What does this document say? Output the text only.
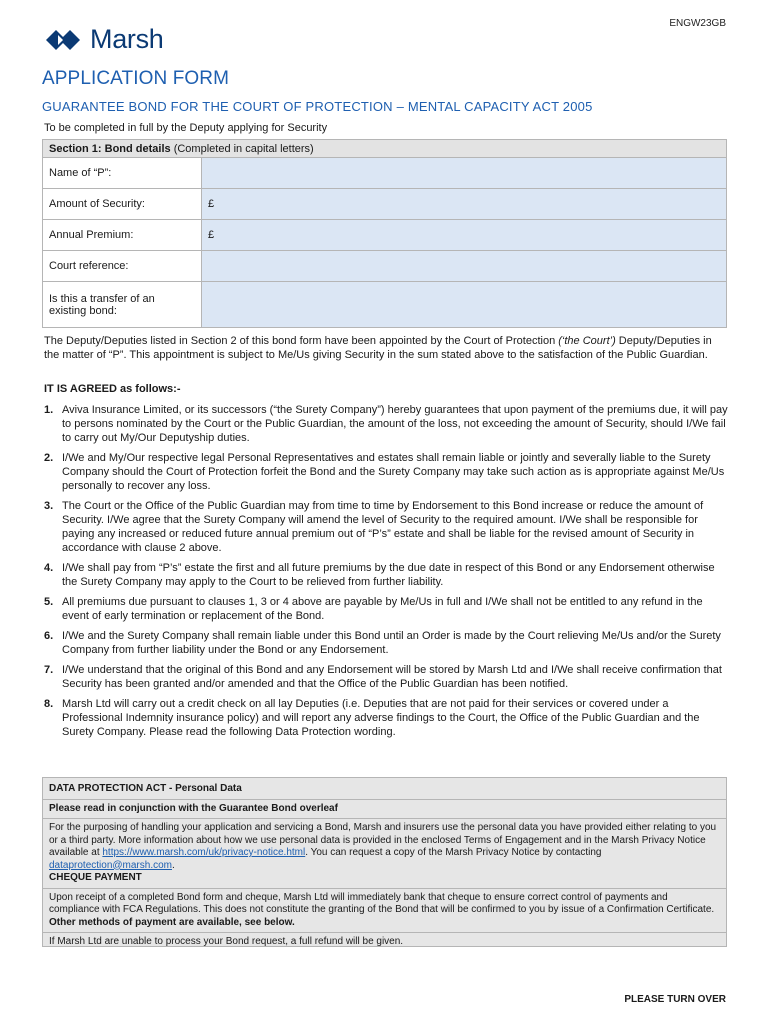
Marsh
ENGW23GB
APPLICATION FORM
GUARANTEE BOND FOR THE COURT OF PROTECTION – MENTAL CAPACITY ACT 2005
To be completed in full by the Deputy applying for Security
Section 1: Bond details (Completed in capital letters)	
Name of “P”:	
Amount of Security:	£
Annual Premium:	£
Court reference:	
Is this a transfer of an existing bond:	
The Deputy/Deputies listed in Section 2 of this bond form have been appointed by the Court of Protection (‘the Court’) Deputy/Deputies in the matter of “P”. This appointment is subject to Me/Us giving Security in the sum stated above to the satisfaction of the Public Guardian.
IT IS AGREED as follows:-
1. Aviva Insurance Limited, or its successors (“the Surety Company”) hereby guarantees that upon payment of the premiums due, it will pay to persons nominated by the Court or the Public Guardian, the amount of the loss, not exceeding the amount of Security, should I/We fail to carry out My/Our Deputyship duties.
2. I/We and My/Our respective legal Personal Representatives and estates shall remain liable or jointly and severally liable to the Surety Company should the Court of Protection forfeit the Bond and the Surety Company may take such action as is appropriate against Me/Us personally to recover any loss.
3. The Court or the Office of the Public Guardian may from time to time by Endorsement to this Bond increase or reduce the amount of Security. I/We agree that the Surety Company will amend the level of Security to the required amount. I/We shall be responsible for paying any increased or reduced future annual premium out of “P’s” estate and shall be liable for the revised amount of Security in accordance with clause 2 above.
4. I/We shall pay from “P’s” estate the first and all future premiums by the due date in respect of this Bond or any Endorsement otherwise the Surety Company may apply to the Court to be relieved from further liability.
5. All premiums due pursuant to clauses 1, 3 or 4 above are payable by Me/Us in full and I/We shall not be entitled to any refund in the event of early termination or replacement of the Bond.
6. I/We and the Surety Company shall remain liable under this Bond until an Order is made by the Court relieving Me/Us and/or the Surety Company from further liability under the Bond or any Endorsement.
7. I/We understand that the original of this Bond and any Endorsement will be stored by Marsh Ltd and I/We shall receive confirmation that Security has been granted and/or amended and that the Office of the Public Guardian has been notified.
8. Marsh Ltd will carry out a credit check on all lay Deputies (i.e. Deputies that are not paid for their services or covered under a Professional Indemnity insurance policy) and will report any adverse findings to the Court, the Office of the Public Guardian and the Surety Company. Please read the following Data Protection wording.

DATA PROTECTION ACT - Personal Data

Please read in conjunction with the Guarantee Bond overleaf

For the purposing of handling your application and servicing a Bond, Marsh and insurers use the personal data you have provided either relating to you or a third party. More information about how we use personal data is provided in the enclosed Terms of Engagement and in the Marsh Privacy Notice available at https://www.marsh.com/uk/privacy-notice.html. You can request a copy of the Marsh Privacy Notice by contacting dataprotection@marsh.com.

CHEQUE PAYMENT

Upon receipt of a completed Bond form and cheque, Marsh Ltd will immediately bank that cheque to ensure correct control of payments and compliance with FCA Regulations. This does not constitute the granting of the Bond that will be confirmed to you by issue of a Confirmation Certificate. Other methods of payment are available, see below.

If Marsh Ltd are unable to process your Bond request, a full refund will be given.

PLEASE TURN OVER
